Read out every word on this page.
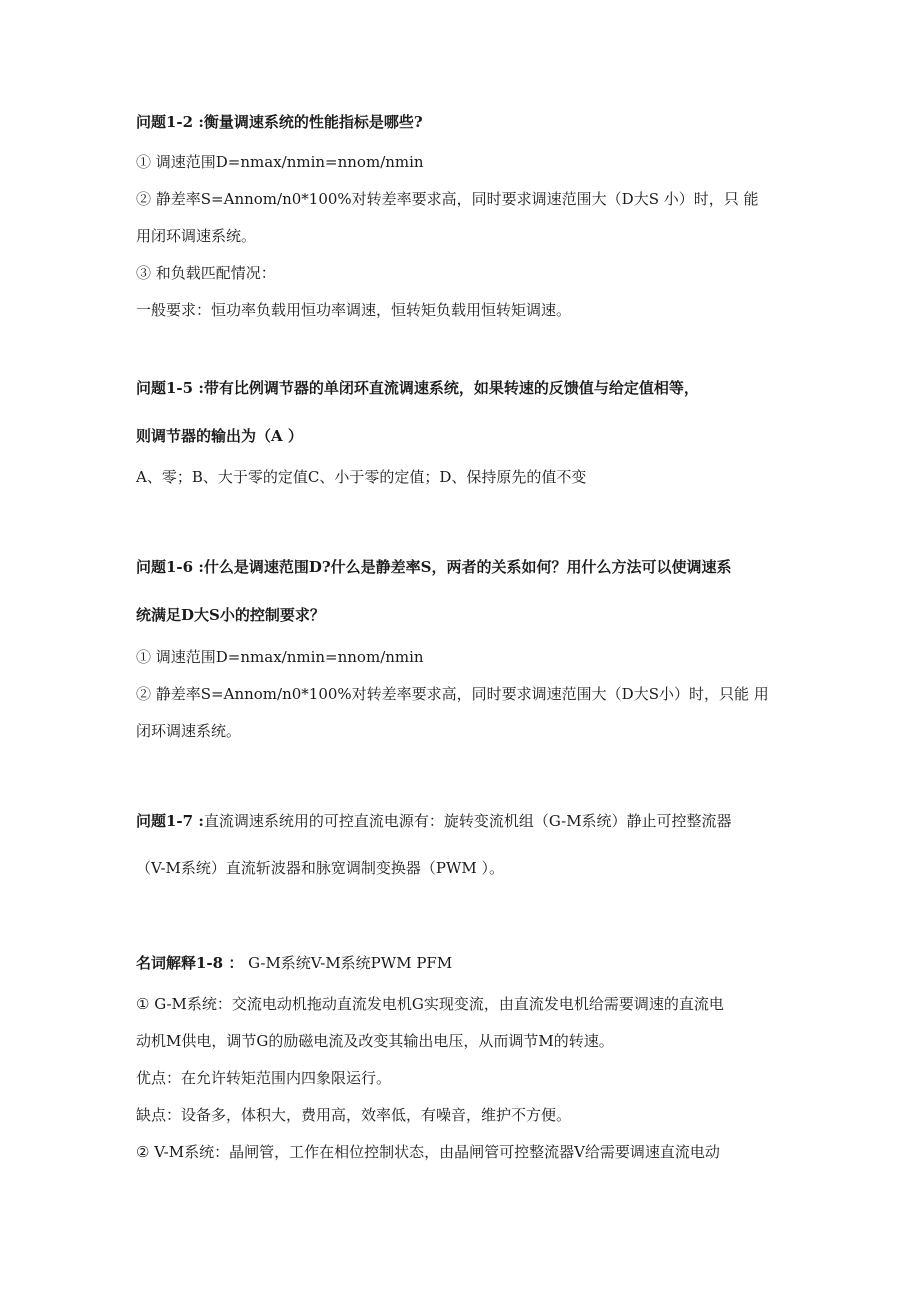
问题1-2 :衡量调速系统的性能指标是哪些?
① 调速范围D=nmax/nmin=nnom/nmin
② 静差率S=Annom/n0*100%对转差率要求高，同时要求调速范围大（D大S 小）时，只 能
用闭环调速系统。
③ 和负载匹配情况：
一般要求：恒功率负载用恒功率调速，恒转矩负载用恒转矩调速。
问题1-5 :带有比例调节器的单闭环直流调速系统，如果转速的反馈值与给定值相等，
则调节器的输出为（A ）
A、零；B、大于零的定值C、小于零的定值；D、保持原先的值不变
问题1-6 :什么是调速范围D?什么是静差率S，两者的关系如何？用什么方法可以使调速系
统满足D大S小的控制要求？
① 调速范围D=nmax/nmin=nnom/nmin
② 静差率S=Annom/n0*100%对转差率要求高，同时要求调速范围大（D大S小）时，只能 用
闭环调速系统。
问题1-7 :直流调速系统用的可控直流电源有：旋转变流机组（G-M系统）静止可控整流器
（V-M系统）直流斩波器和脉宽调制变换器（PWM ）。
名词解释1-8 ： G-M系统V-M系统PWM PFM
① G-M系统：交流电动机拖动直流发电机G实现变流，由直流发电机给需要调速的直流电
动机M供电，调节G的励磁电流及改变其输出电压，从而调节M的转速。
优点：在允许转矩范围内四象限运行。
缺点：设备多，体积大，费用高，效率低，有噪音，维护不方便。
② V-M系统：晶闸管，工作在相位控制状态，由晶闸管可控整流器V给需要调速直流电动
